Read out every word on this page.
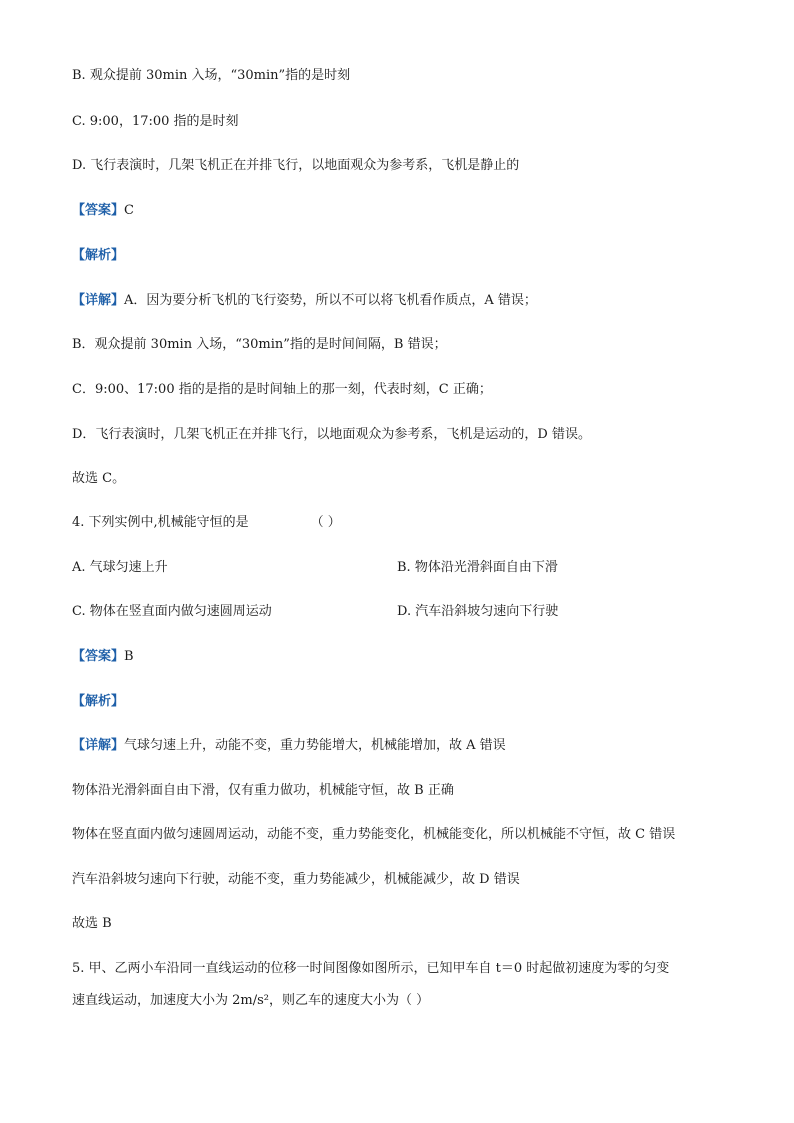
B. 观众提前 30min 入场，“30min”指的是时刻
C. 9:00，17:00 指的是时刻
D. 飞行表演时，几架飞机正在并排飞行，以地面观众为参考系，飞机是静止的
【答案】C
【解析】
【详解】A．因为要分析飞机的飞行姿势，所以不可以将飞机看作质点，A 错误；
B．观众提前 30min 入场，“30min”指的是时间间隔，B 错误；
C．9:00、17:00 指的是指的是时间轴上的那一刻，代表时刻，C 正确；
D．飞行表演时，几架飞机正在并排飞行，以地面观众为参考系，飞机是运动的，D 错误。
故选 C。
4. 下列实例中,机械能守恒的是	（ ）
A. 气球匀速上升	B. 物体沿光滑斜面自由下滑
C. 物体在竖直面内做匀速圆周运动	D. 汽车沿斜坡匀速向下行驶
【答案】B
【解析】
【详解】气球匀速上升，动能不变，重力势能增大，机械能增加，故 A 错误
物体沿光滑斜面自由下滑，仅有重力做功，机械能守恒，故 B 正确
物体在竖直面内做匀速圆周运动，动能不变，重力势能变化，机械能变化，所以机械能不守恒，故 C 错误
汽车沿斜坡匀速向下行驶，动能不变，重力势能减少，机械能减少，故 D 错误
故选 B
5. 甲、乙两小车沿同一直线运动的位移一时间图像如图所示，已知甲车自 t＝0 时起做初速度为零的匀变
速直线运动，加速度大小为 2m/s²，则乙车的速度大小为（ ）
